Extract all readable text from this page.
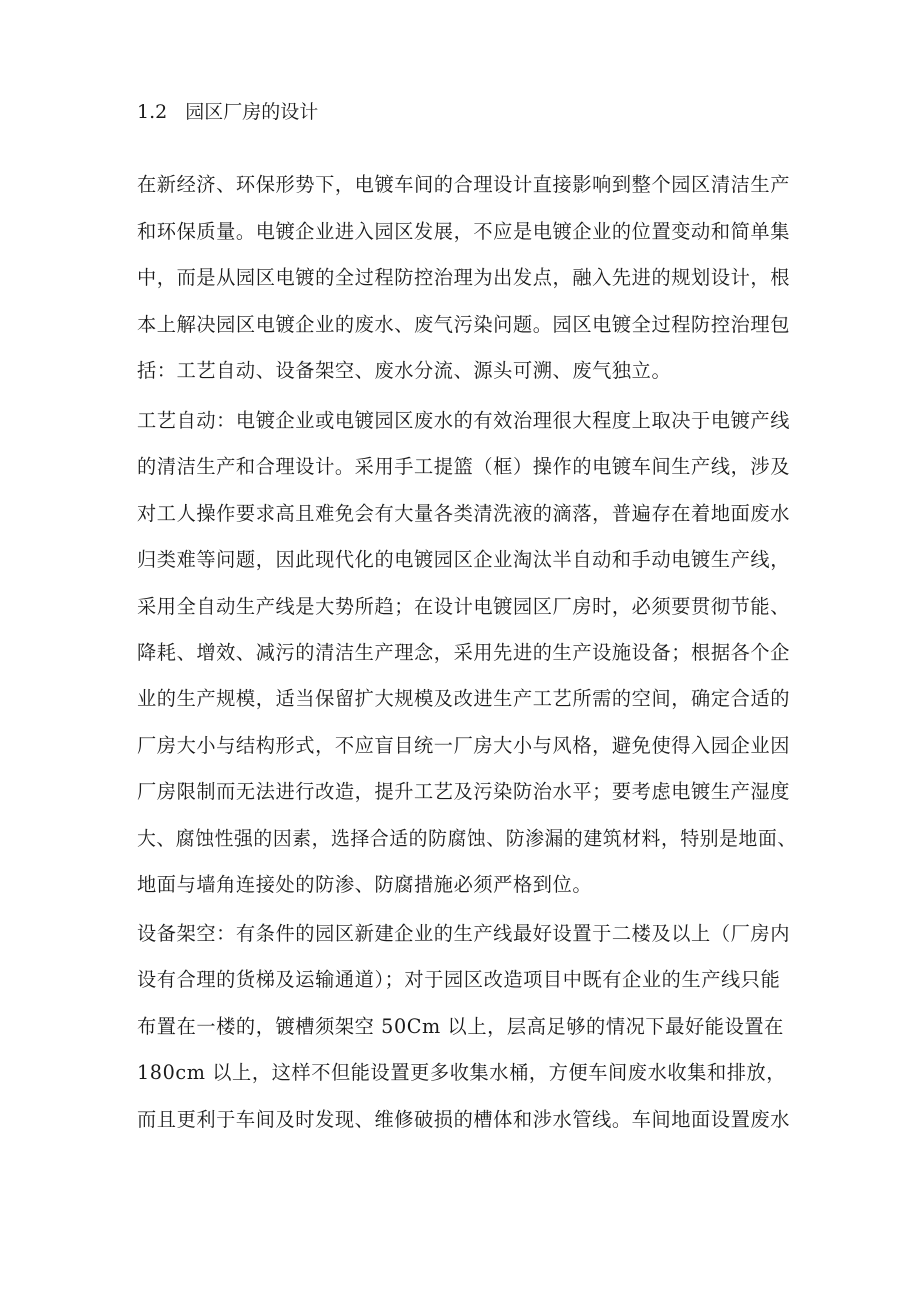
1.2 园区厂房的设计
在新经济、环保形势下，电镀车间的合理设计直接影响到整个园区清洁生产
和环保质量。电镀企业进入园区发展，不应是电镀企业的位置变动和简单集
中，而是从园区电镀的全过程防控治理为出发点，融入先进的规划设计，根
本上解决园区电镀企业的废水、废气污染问题。园区电镀全过程防控治理包
括：工艺自动、设备架空、废水分流、源头可溯、废气独立。
工艺自动：电镀企业或电镀园区废水的有效治理很大程度上取决于电镀产线
的清洁生产和合理设计。采用手工提篮（框）操作的电镀车间生产线，涉及
对工人操作要求高且难免会有大量各类清洗液的滴落，普遍存在着地面废水
归类难等问题，因此现代化的电镀园区企业淘汰半自动和手动电镀生产线，
采用全自动生产线是大势所趋；在设计电镀园区厂房时，必须要贯彻节能、
降耗、增效、减污的清洁生产理念，采用先进的生产设施设备；根据各个企
业的生产规模，适当保留扩大规模及改进生产工艺所需的空间，确定合适的
厂房大小与结构形式，不应盲目统一厂房大小与风格，避免使得入园企业因
厂房限制而无法进行改造，提升工艺及污染防治水平；要考虑电镀生产湿度
大、腐蚀性强的因素，选择合适的防腐蚀、防渗漏的建筑材料，特别是地面、
地面与墙角连接处的防渗、防腐措施必须严格到位。
设备架空：有条件的园区新建企业的生产线最好设置于二楼及以上（厂房内
设有合理的货梯及运输通道）；对于园区改造项目中既有企业的生产线只能
布置在一楼的，镀槽须架空 50Cm 以上，层高足够的情况下最好能设置在
180cm 以上，这样不但能设置更多收集水桶，方便车间废水收集和排放，
而且更利于车间及时发现、维修破损的槽体和涉水管线。车间地面设置废水
